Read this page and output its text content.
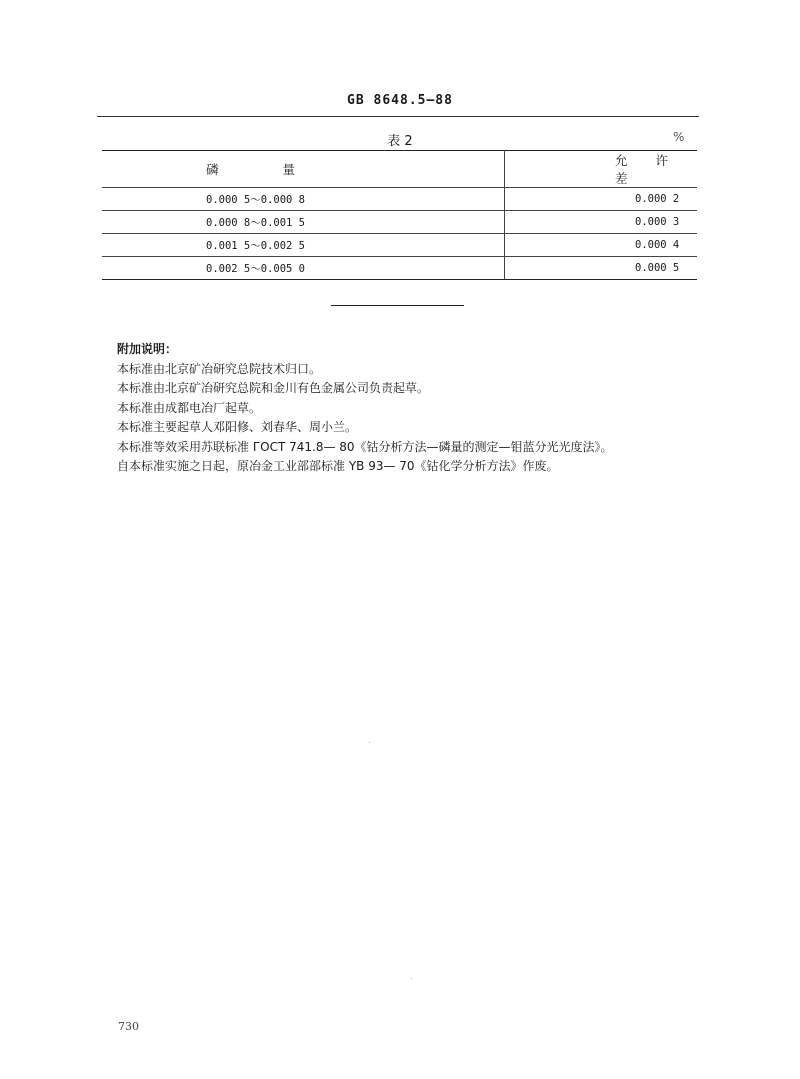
GB 8648.5—88
表 2	%
磷 量	允 许 差
0.000 5～0.000 8	0.000 2
0.000 8～0.001 5	0.000 3
0.001 5～0.002 5	0.000 4
0.002 5～0.005 0	0.000 5
附加说明：
本标准由北京矿冶研究总院技术归口。
本标准由北京矿冶研究总院和金川有色金属公司负责起草。
本标准由成都电冶厂起草。
本标准主要起草人邓阳修、刘春华、周小兰。
本标准等效采用苏联标准 ГОСТ 741.8— 80《钴分析方法—磷量的测定—钼蓝分光光度法》。
自本标准实施之日起，原冶金工业部部标准 YB 93— 70《钴化学分析方法》作废。
730
